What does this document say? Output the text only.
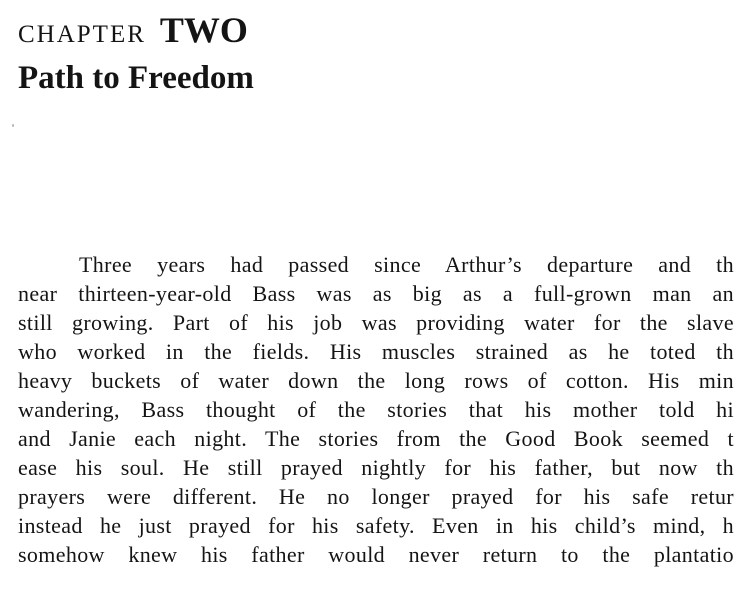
CHAPTER TWO
Path to Freedom
Three years had passed since Arthur’s departure and th
near thirteen-year-old Bass was as big as a full-grown man an
still growing. Part of his job was providing water for the slave
who worked in the fields. His muscles strained as he toted th
heavy buckets of water down the long rows of cotton. His min
wandering, Bass thought of the stories that his mother told hi
and Janie each night. The stories from the Good Book seemed t
ease his soul. He still prayed nightly for his father, but now th
prayers were different. He no longer prayed for his safe retur
instead he just prayed for his safety. Even in his child’s mind, h
somehow knew his father would never return to the plantatio
